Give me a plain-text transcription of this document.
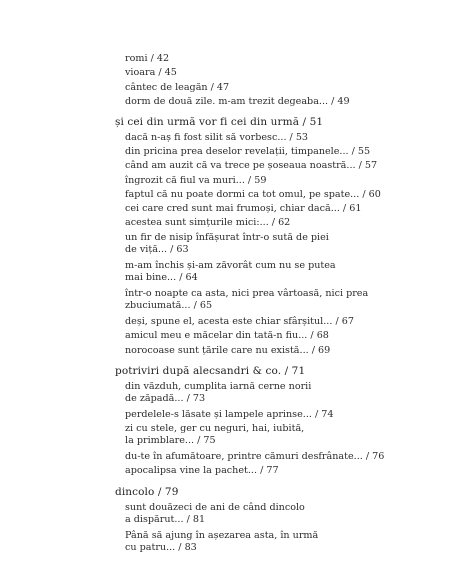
romi / 42
vioara / 45
cântec de leagăn / 47
dorm de două zile. m-am trezit degeaba... / 49
și cei din urmă vor fi cei din urmă / 51
dacă n-aș fi fost silit să vorbesc... / 53
din pricina prea deselor revelații, timpanele... / 55
când am auzit că va trece pe șoseaua noastră... / 57
îngrozit că fiul va muri... / 59
faptul că nu poate dormi ca tot omul, pe spate... / 60
cei care cred sunt mai frumoși, chiar dacă... / 61
acestea sunt simțurile mici:... / 62
un fir de nisip înfășurat într-o sută de piei
de viță... / 63
m-am închis și-am zăvorât cum nu se putea
mai bine... / 64
într-o noapte ca asta, nici prea vârtoasă, nici prea
zbuciumată... / 65
deși, spune el, acesta este chiar sfârșitul... / 67
amicul meu e măcelar din tată-n fiu... / 68
norocoase sunt țările care nu există... / 69
potriviri după alecsandri & co. / 71
din văzduh, cumplita iarnă cerne norii
de zăpadă... / 73
perdelele-s lăsate și lampele aprinse... / 74
zi cu stele, ger cu neguri, hai, iubită,
la primblare... / 75
du-te în afumătoare, printre cămuri desfrânate... / 76
apocalipsa vine la pachet... / 77
dincolo / 79
sunt douăzeci de ani de când dincolo
a dispărut... / 81
Până să ajung în așezarea asta, în urmă
cu patru... / 83
